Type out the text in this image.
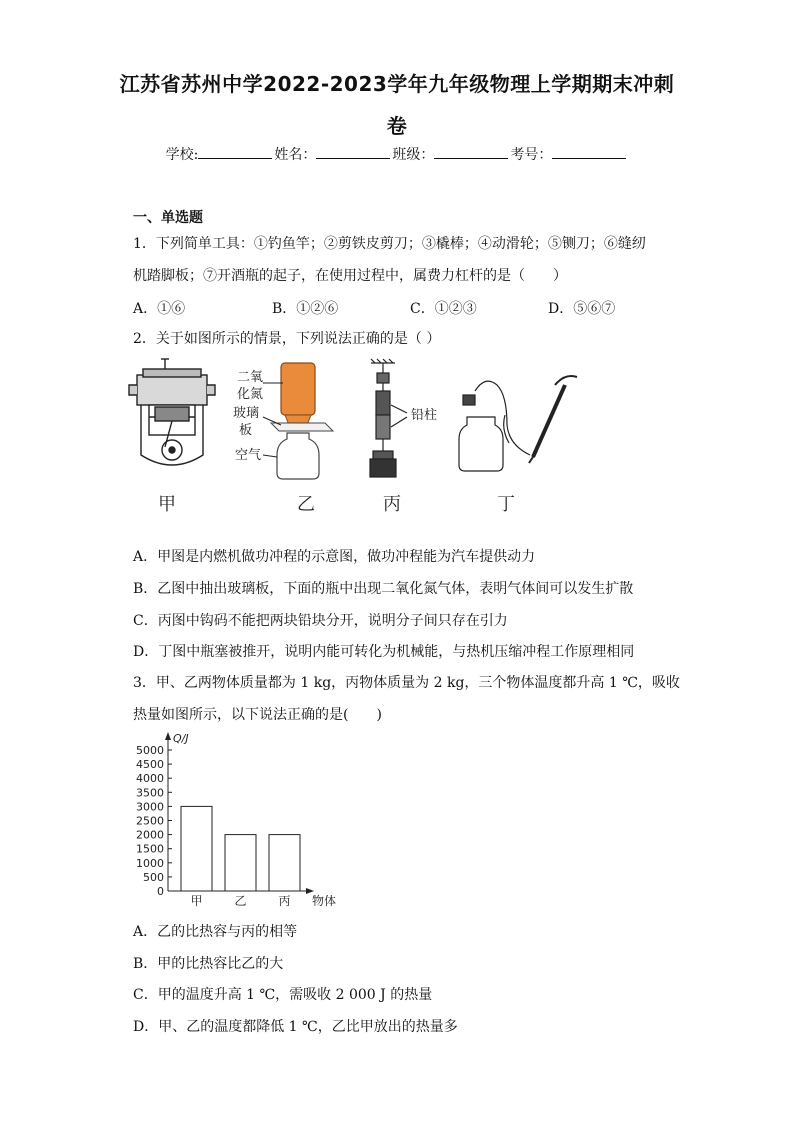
江苏省苏州中学2022-2023学年九年级物理上学期期末冲刺
卷
学校:	姓名：	班级：	考号：
一、单选题
1．下列简单工具：①钓鱼竿；②剪铁皮剪刀；③橇棒；④动滑轮；⑤铡刀；⑥缝纫
机踏脚板；⑦开酒瓶的起子，在使用过程中，属费力杠杆的是（　　）
A．①⑥	B．①②⑥	C．①②③	D．⑤⑥⑦
2．关于如图所示的情景，下列说法正确的是（ ）
甲
二氧
化氮
玻璃
板
空气
乙
铅柱
丙	丁
A．甲图是内燃机做功冲程的示意图，做功冲程能为汽车提供动力
B．乙图中抽出玻璃板，下面的瓶中出现二氧化氮气体，表明气体间可以发生扩散
C．丙图中钩码不能把两块铅块分开，说明分子间只存在引力
D．丁图中瓶塞被推开，说明内能可转化为机械能，与热机压缩冲程工作原理相同
3．甲、乙两物体质量都为 1 kg，丙物体质量为 2 kg，三个物体温度都升高 1 ℃，吸收
热量如图所示，以下说法正确的是(　　)
0
500
1000
1500
2000
2500
3000
3500
4000
4500
5000
甲	乙	丙
Q/J
物体
A．乙的比热容与丙的相等
B．甲的比热容比乙的大
C．甲的温度升高 1 ℃，需吸收 2 000 J 的热量
D．甲、乙的温度都降低 1 ℃，乙比甲放出的热量多
